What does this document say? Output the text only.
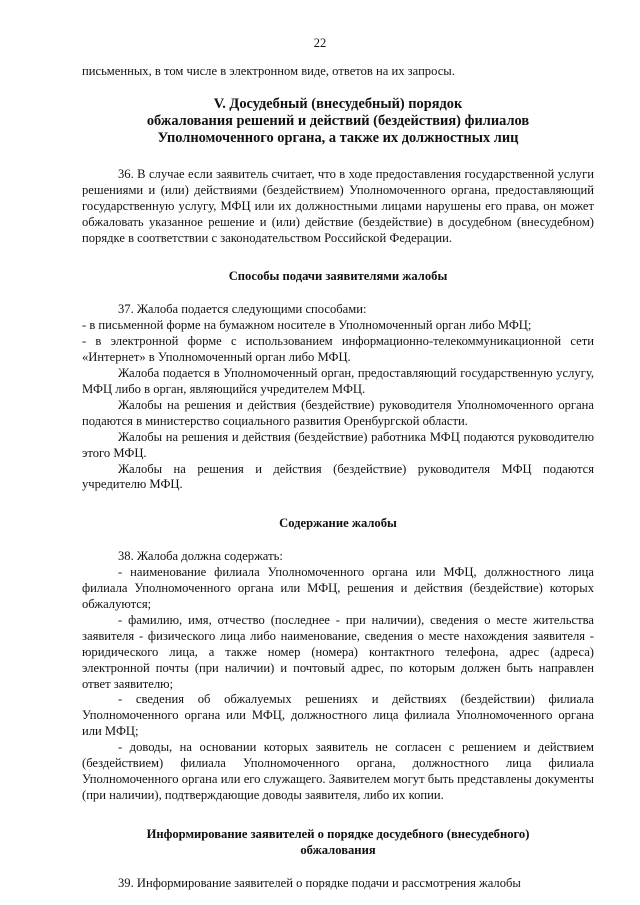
22

письменных, в том числе в электронном виде, ответов на их запросы.

V. Досудебный (внесудебный) порядок
обжалования решений и действий (бездействия) филиалов
Уполномоченного органа, а также их должностных лиц

36. В случае если заявитель считает, что в ходе предоставления государственной услуги решениями и (или) действиями (бездействием) Уполномоченного органа, предоставляющий государственную услугу, МФЦ или их должностными лицами нарушены его права, он может обжаловать указанное решение и (или) действие (бездействие) в досудебном (внесудебном) порядке в соответствии с законодательством Российской Федерации.

Способы подачи заявителями жалобы

37. Жалоба подается следующими способами:

- в письменной форме на бумажном носителе в Уполномоченный орган либо МФЦ;

- в электронной форме с использованием информационно-телекоммуникационной сети «Интернет» в Уполномоченный орган либо МФЦ.

Жалоба подается в Уполномоченный орган, предоставляющий государственную услугу, МФЦ либо в орган, являющийся учредителем МФЦ.

Жалобы на решения и действия (бездействие) руководителя Уполномоченного органа подаются в министерство социального развития Оренбургской области.

Жалобы на решения и действия (бездействие) работника МФЦ подаются руководителю этого МФЦ.

Жалобы на решения и действия (бездействие) руководителя МФЦ подаются учредителю МФЦ.

Содержание жалобы

38. Жалоба должна содержать:

- наименование филиала Уполномоченного органа или МФЦ, должностного лица филиала Уполномоченного органа или МФЦ, решения и действия (бездействие) которых обжалуются;

- фамилию, имя, отчество (последнее - при наличии), сведения о месте жительства заявителя - физического лица либо наименование, сведения о месте нахождения заявителя - юридического лица, а также номер (номера) контактного телефона, адрес (адреса) электронной почты (при наличии) и почтовый адрес, по которым должен быть направлен ответ заявителю;

- сведения об обжалуемых решениях и действиях (бездействии) филиала Уполномоченного органа или МФЦ, должностного лица филиала Уполномоченного органа или МФЦ;

- доводы, на основании которых заявитель не согласен с решением и действием (бездействием) филиала Уполномоченного органа, должностного лица филиала Уполномоченного органа или его служащего. Заявителем могут быть представлены документы (при наличии), подтверждающие доводы заявителя, либо их копии.

Информирование заявителей о порядке досудебного (внесудебного)
обжалования

39. Информирование заявителей о порядке подачи и рассмотрения жалобы
